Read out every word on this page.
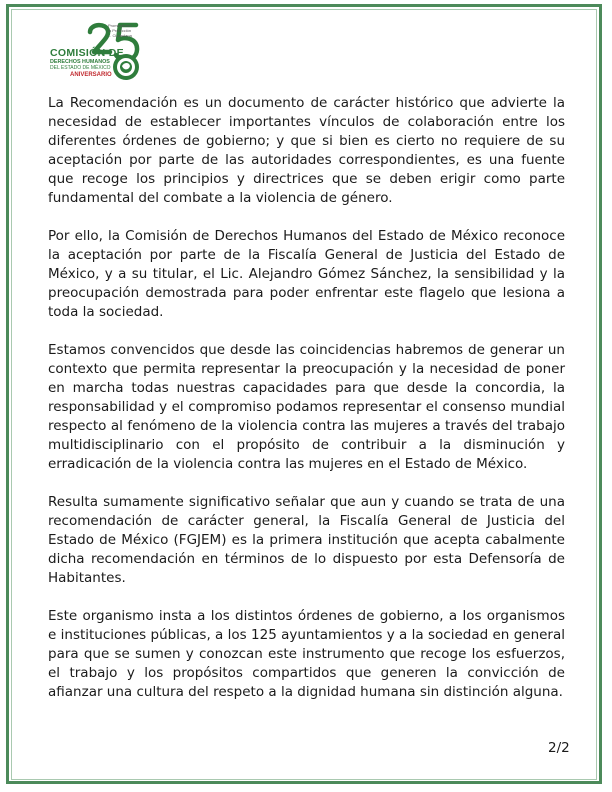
Promoviendo la Protección ... Ciudadana
COMISIÓN DE
DERECHOS HUMANOS
DEL ESTADO DE MÉXICO
ANIVERSARIO

La Recomendación es un documento de carácter histórico que advierte la necesidad de establecer importantes vínculos de colaboración entre los diferentes órdenes de gobierno; y que si bien es cierto no requiere de su aceptación por parte de las autoridades correspondientes, es una fuente que recoge los principios y directrices que se deben erigir como parte fundamental del combate a la violencia de género.

Por ello, la Comisión de Derechos Humanos del Estado de México reconoce la aceptación por parte de la Fiscalía General de Justicia del Estado de México, y a su titular, el Lic. Alejandro Gómez Sánchez, la sensibilidad y la preocupación demostrada para poder enfrentar este flagelo que lesiona a toda la sociedad.

Estamos convencidos que desde las coincidencias habremos de generar un contexto que permita representar la preocupación y la necesidad de poner en marcha todas nuestras capacidades para que desde la concordia, la responsabilidad y el compromiso podamos representar el consenso mundial respecto al fenómeno de la violencia contra las mujeres a través del trabajo multidisciplinario con el propósito de contribuir a la disminución y erradicación de la violencia contra las mujeres en el Estado de México.

Resulta sumamente significativo señalar que aun y cuando se trata de una recomendación de carácter general, la Fiscalía General de Justicia del Estado de México (FGJEM) es la primera institución que acepta cabalmente dicha recomendación en términos de lo dispuesto por esta Defensoría de Habitantes.

Este organismo insta a los distintos órdenes de gobierno, a los organismos e instituciones públicas, a los 125 ayuntamientos y a la sociedad en general para que se sumen y conozcan este instrumento que recoge los esfuerzos, el trabajo y los propósitos compartidos que generen la convicción de afianzar una cultura del respeto a la dignidad humana sin distinción alguna.

2/2
